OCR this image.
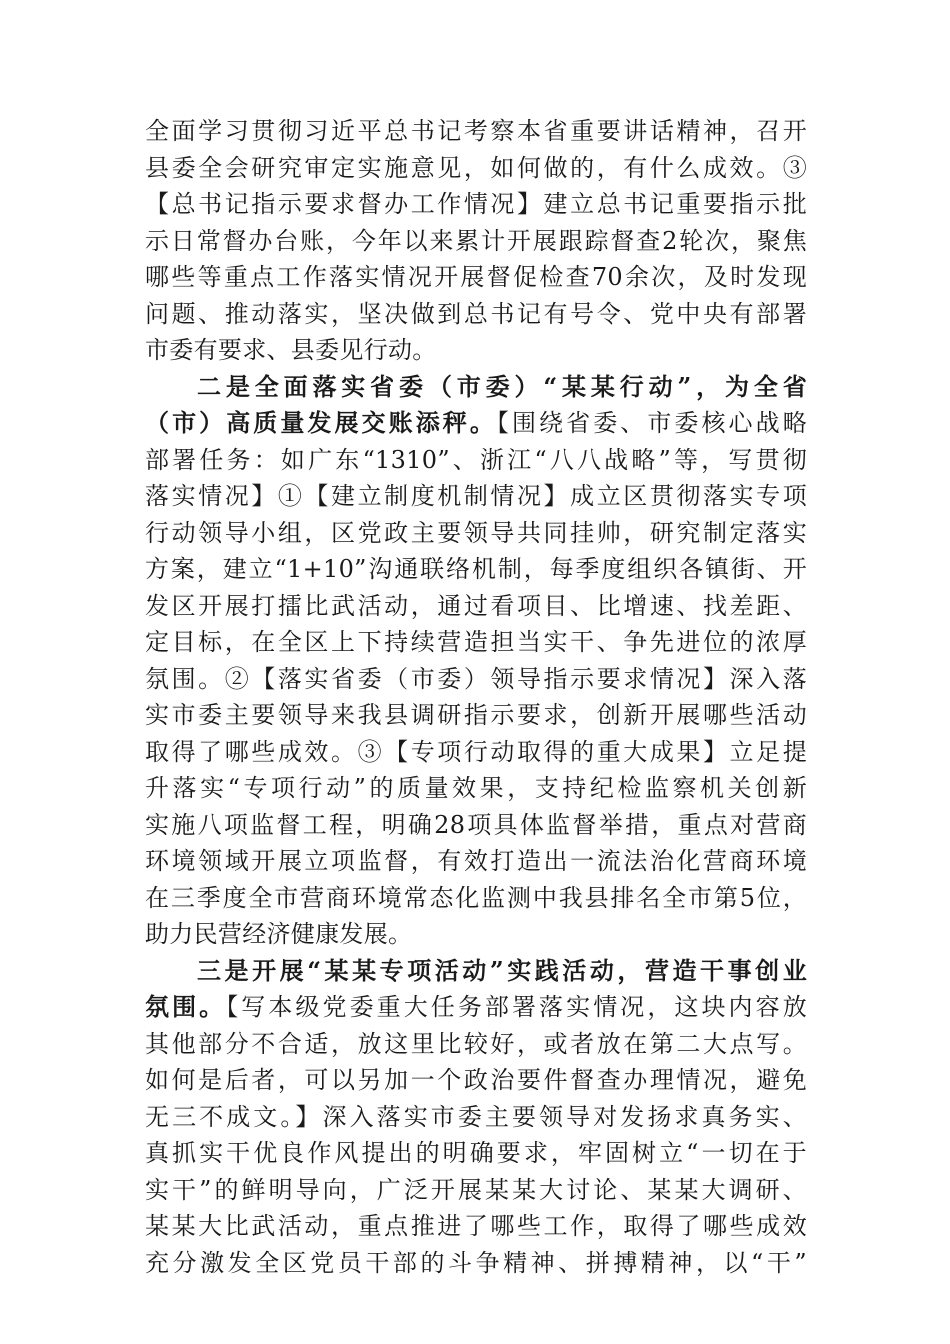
全面学习贯彻习近平总书记考察本省重要讲话精神，召开
县委全会研究审定实施意见，如何做的，有什么成效。③
【总书记指示要求督办工作情况】建立总书记重要指示批
示日常督办台账，今年以来累计开展跟踪督查2轮次，聚焦
哪些等重点工作落实情况开展督促检查70余次，及时发现
问题、推动落实，坚决做到总书记有号令、党中央有部署
市委有要求、县委见行动。
二是全面落实省委（市委）“某某行动”，为全省
（市）高质量发展交账添秤。【围绕省委、市委核心战略
部署任务：如广东“1310”、浙江“八八战略”等，写贯彻
落实情况】①【建立制度机制情况】成立区贯彻落实专项
行动领导小组，区党政主要领导共同挂帅，研究制定落实
方案，建立“1+10”沟通联络机制，每季度组织各镇街、开
发区开展打擂比武活动，通过看项目、比增速、找差距、
定目标，在全区上下持续营造担当实干、争先进位的浓厚
氛围。②【落实省委（市委）领导指示要求情况】深入落
实市委主要领导来我县调研指示要求，创新开展哪些活动
取得了哪些成效。③【专项行动取得的重大成果】立足提
升落实“专项行动”的质量效果，支持纪检监察机关创新
实施八项监督工程，明确28项具体监督举措，重点对营商
环境领域开展立项监督，有效打造出一流法治化营商环境
在三季度全市营商环境常态化监测中我县排名全市第5位，
助力民营经济健康发展。
三是开展“某某专项活动”实践活动，营造干事创业
氛围。【写本级党委重大任务部署落实情况，这块内容放
其他部分不合适，放这里比较好，或者放在第二大点写。
如何是后者，可以另加一个政治要件督查办理情况，避免
无三不成文。】深入落实市委主要领导对发扬求真务实、
真抓实干优良作风提出的明确要求，牢固树立“一切在于
实干”的鲜明导向，广泛开展某某大讨论、某某大调研、
某某大比武活动，重点推进了哪些工作，取得了哪些成效
充分激发全区党员干部的斗争精神、拼搏精神，以“干”
